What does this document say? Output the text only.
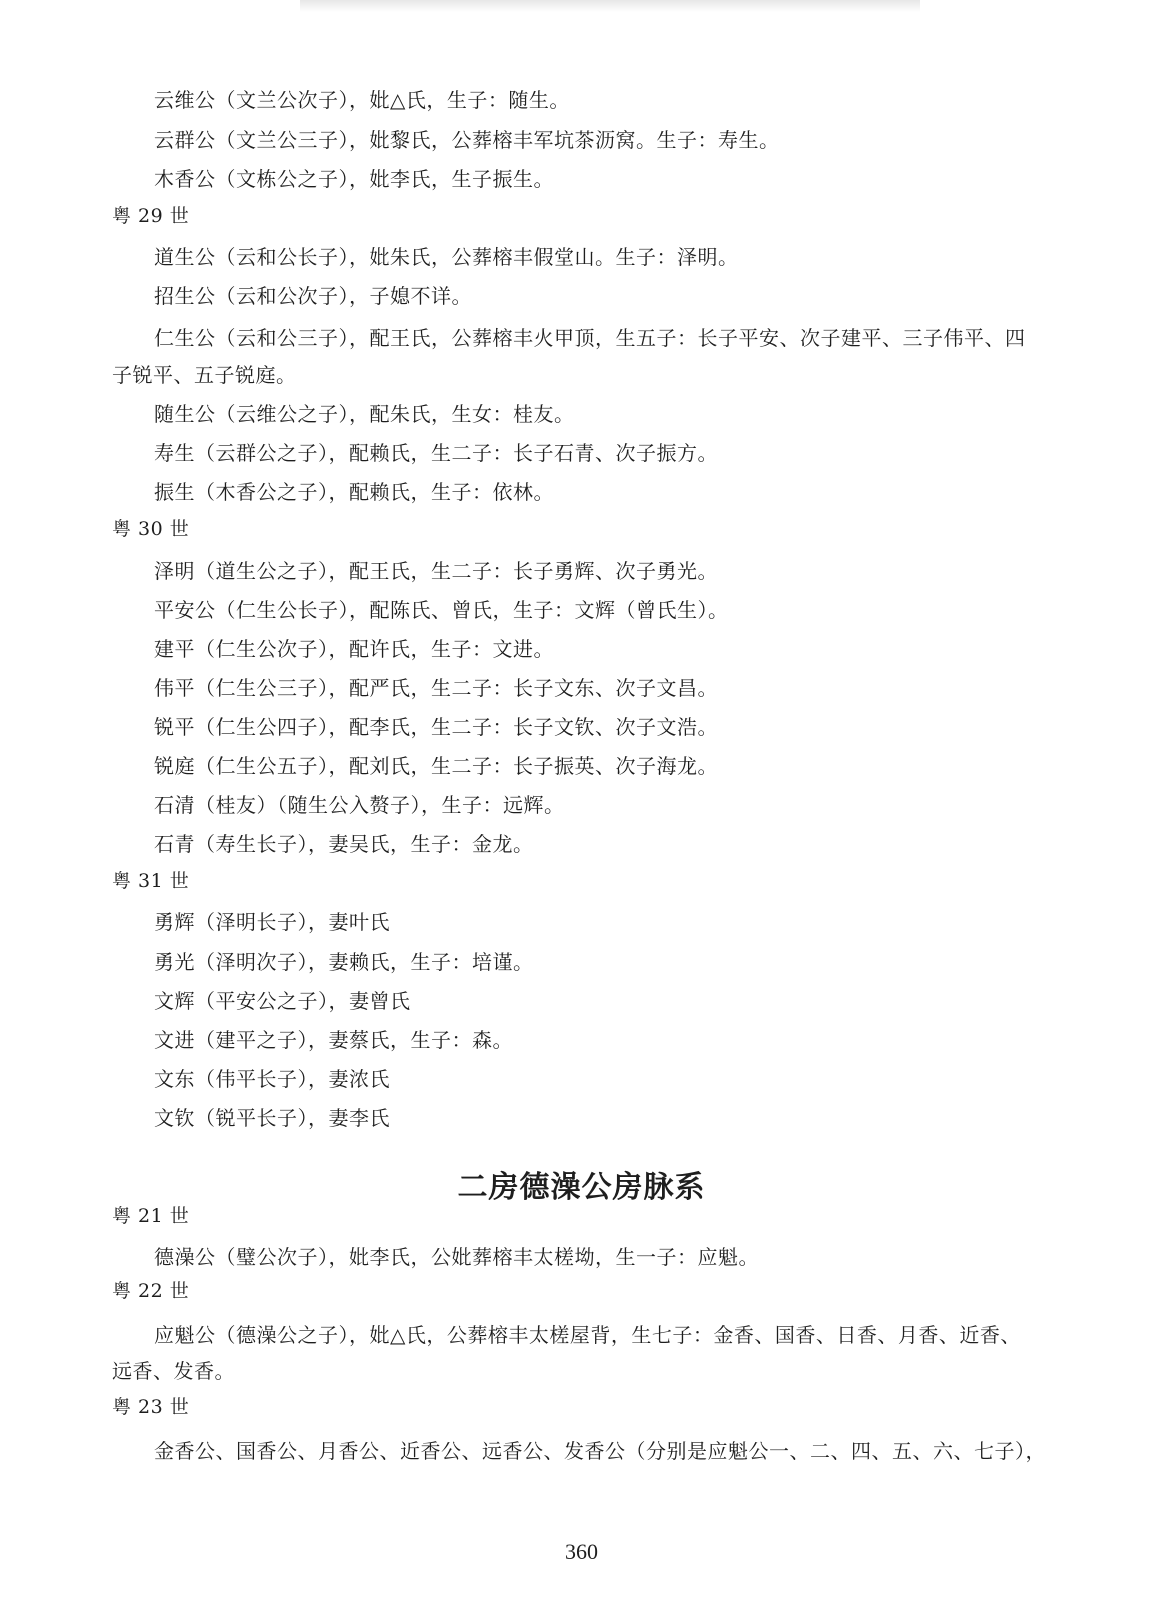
云维公（文兰公次子），妣△氏，生子：随生。
云群公（文兰公三子），妣黎氏，公葬榕丰军坑茶沥窝。生子：寿生。
木香公（文栋公之子），妣李氏，生子振生。
粤 29 世
道生公（云和公长子），妣朱氏，公葬榕丰假堂山。生子：泽明。
招生公（云和公次子），子媳不详。
仁生公（云和公三子），配王氏，公葬榕丰火甲顶，生五子：长子平安、次子建平、三子伟平、四
子锐平、五子锐庭。
随生公（云维公之子），配朱氏，生女：桂友。
寿生（云群公之子），配赖氏，生二子：长子石青、次子振方。
振生（木香公之子），配赖氏，生子：依林。
粤 30 世
泽明（道生公之子），配王氏，生二子：长子勇辉、次子勇光。
平安公（仁生公长子），配陈氏、曾氏，生子：文辉（曾氏生）。
建平（仁生公次子），配许氏，生子：文进。
伟平（仁生公三子），配严氏，生二子：长子文东、次子文昌。
锐平（仁生公四子），配李氏，生二子：长子文钦、次子文浩。
锐庭（仁生公五子），配刘氏，生二子：长子振英、次子海龙。
石清（桂友）（随生公入赘子），生子：远辉。
石青（寿生长子），妻吴氏，生子：金龙。
粤 31 世
勇辉（泽明长子），妻叶氏
勇光（泽明次子），妻赖氏，生子：培谨。
文辉（平安公之子），妻曾氏
文进（建平之子），妻蔡氏，生子：森。
文东（伟平长子），妻浓氏
文钦（锐平长子），妻李氏
二房德澡公房脉系
粤 21 世
德澡公（璧公次子），妣李氏，公妣葬榕丰太槎坳，生一子：应魁。
粤 22 世
应魁公（德澡公之子），妣△氏，公葬榕丰太槎屋背，生七子：金香、国香、日香、月香、近香、
远香、发香。
粤 23 世
金香公、国香公、月香公、近香公、远香公、发香公（分别是应魁公一、二、四、五、六、七子），
360
